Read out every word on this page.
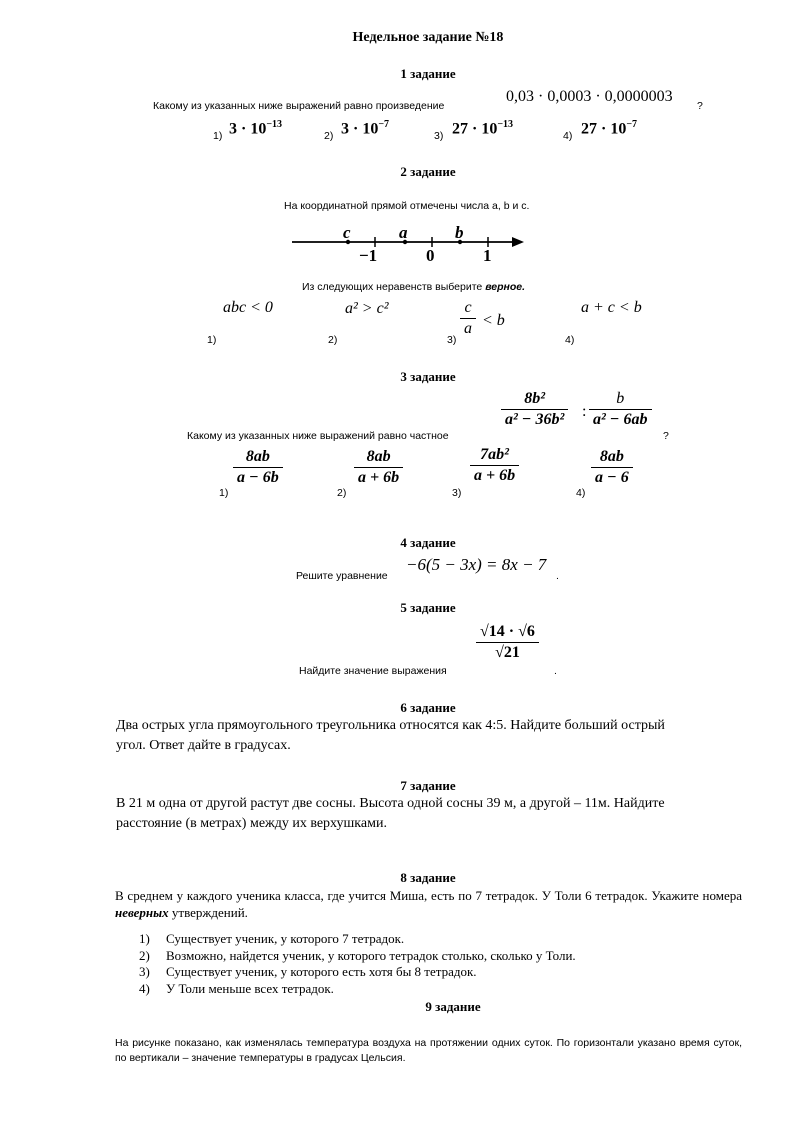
Недельное задание №18
1 задание
Какому из указанных ниже выражений равно произведение
0,03 · 0,0003 · 0,0000003
?
1) $3 \cdot 10^{-13}$
2) $3 \cdot 10^{-7}$
3) $27 \cdot 10^{-13}$
4) $27 \cdot 10^{-7}$
2 задание
На координатной прямой отмечены числа a, b и c.
c	a	b
−1	0	1
Из следующих неравенств выберите верное.
abc < 0	a² > c²	$\frac{c}{a} < b$
a + c < b
1)	2)	3)	4)
3 задание
Какому из указанных ниже выражений равно частное
$\frac{\text{8b²}}{\text{a² − 36b²}}$ : $\frac{b}{\text{a² − 6ab}}$
?
1)
$\frac{8ab}{a - 6b}$
2)
$\frac{8ab}{a + 6b}$
3)
$\frac{\text{7ab²}}{a + 6b}$
4)
$\frac{8ab}{a - 6}$
4 задание
Решите уравнение
−6(5 − 3x) = 8x − 7
.
5 задание
Найдите значение выражения
$\frac{√14 \cdot √6}{√21}$
.
6 задание
Два острых угла прямоугольного треугольника относятся как 4:5. Найдите больший острый угол. Ответ дайте в градусах.
7 задание
В 21 м одна от другой растут две сосны. Высота одной сосны 39 м, а другой – 11м. Найдите расстояние (в метрах) между их верхушками.
8 задание
В среднем у каждого ученика класса, где учится Миша, есть по 7 тетрадок. У Толи 6 тетрадок. Укажите номера неверных утверждений.
1) Существует ученик, у которого 7 тетрадок.
2) Возможно, найдется ученик, у которого тетрадок столько, сколько у Толи.
3) Существует ученик, у которого есть хотя бы 8 тетрадок.
4) У Толи меньше всех тетрадок.
9 задание
На рисунке показано, как изменялась температура воздуха на протяжении одних суток. По горизонтали указано время суток, по вертикали – значение температуры в градусах Цельсия.
